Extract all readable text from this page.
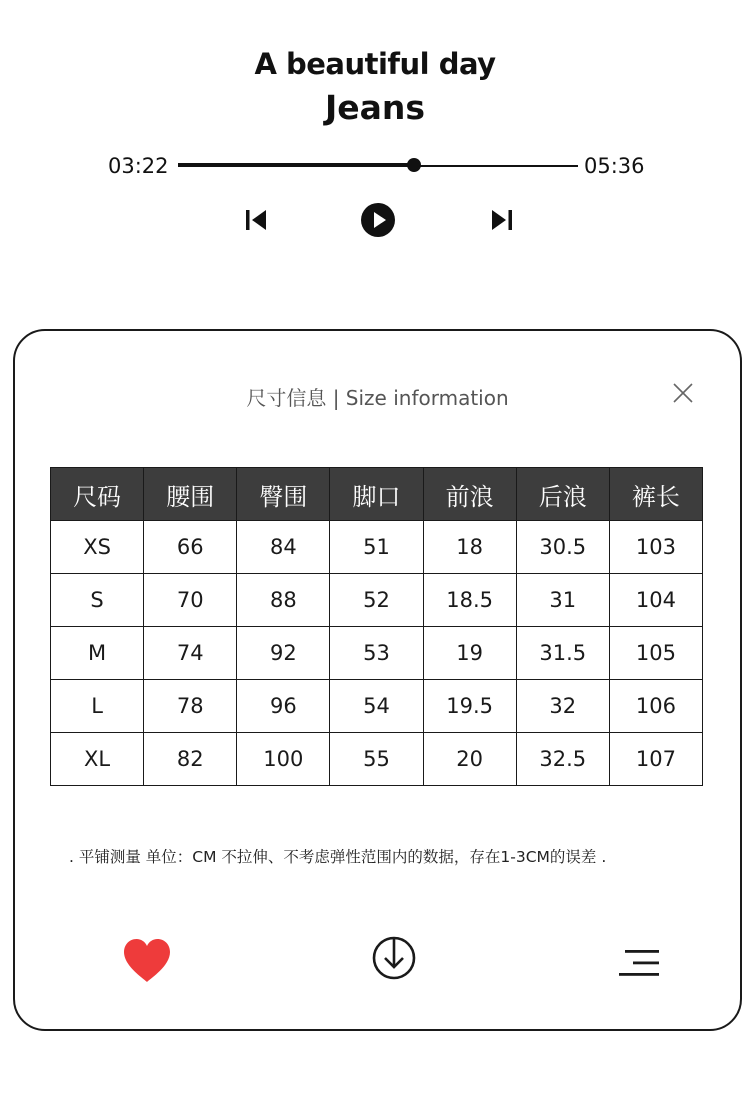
A beautiful day
Jeans
03:22	05:36
尺寸信息 | Size information
尺码	腰围	臀围	脚口	前浪	后浪	裤长
XS	66	84	51	18	30.5	103
S	70	88	52	18.5	31	104
M	74	92	53	19	31.5	105
L	78	96	54	19.5	32	106
XL	82	100	55	20	32.5	107
. 平铺测量 单位：CM 不拉伸、不考虑弹性范围内的数据，存在1-3CM的误差 .
